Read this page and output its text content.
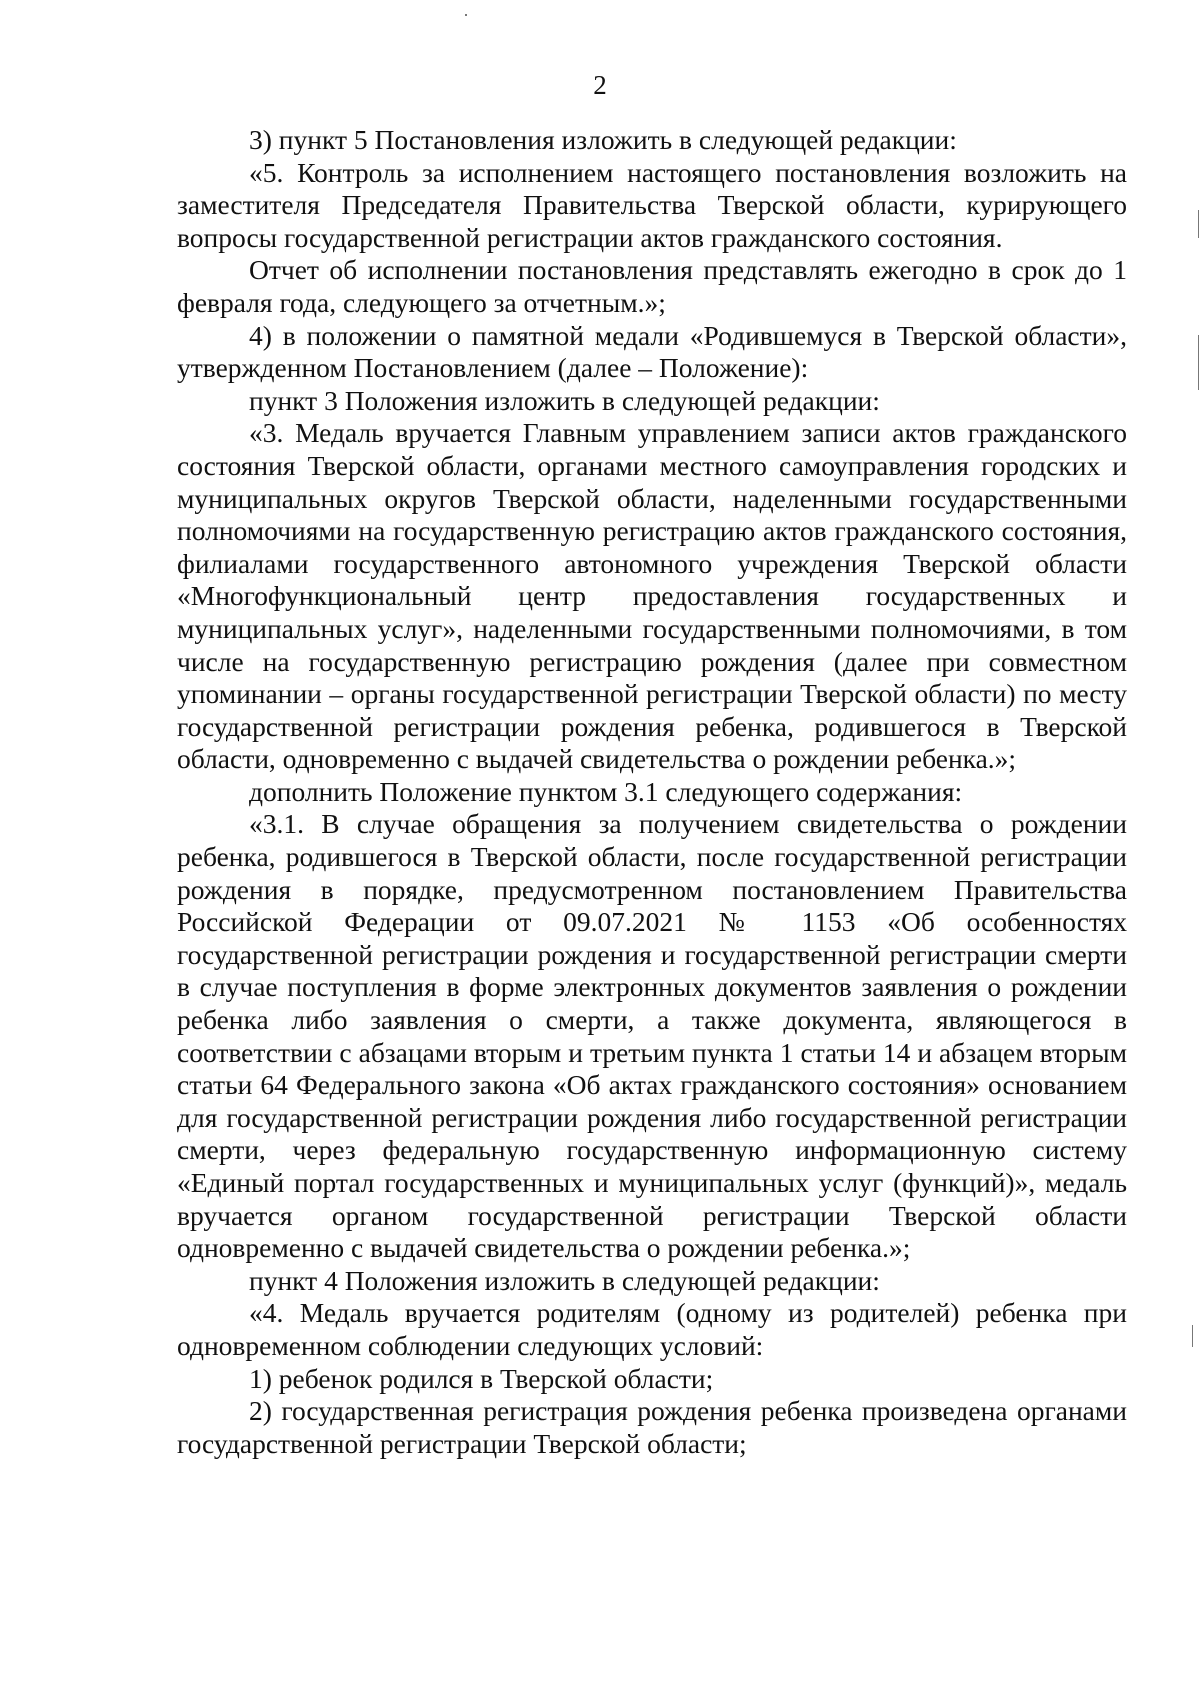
2

3) пункт 5 Постановления изложить в следующей редакции:

«5. Контроль за исполнением настоящего постановления возложить на заместителя Председателя Правительства Тверской области, курирующего вопросы государственной регистрации актов гражданского состояния.

Отчет об исполнении постановления представлять ежегодно в срок до 1 февраля года, следующего за отчетным.»;

4) в положении о памятной медали «Родившемуся в Тверской области», утвержденном Постановлением (далее – Положение):

пункт 3 Положения изложить в следующей редакции:

«3. Медаль вручается Главным управлением записи актов гражданского состояния Тверской области, органами местного самоуправления городских и муниципальных округов Тверской области, наделенными государственными полномочиями на государственную регистрацию актов гражданского состояния, филиалами государственного автономного учреждения Тверской области «Многофункциональный центр предоставления государственных и муниципальных услуг», наделенными государственными полномочиями, в том числе на государственную регистрацию рождения (далее при совместном упоминании – органы государственной регистрации Тверской области) по месту государственной регистрации рождения ребенка, родившегося в Тверской области, одновременно с выдачей свидетельства о рождении ребенка.»;

дополнить Положение пунктом 3.1 следующего содержания:

«3.1. В случае обращения за получением свидетельства о рождении ребенка, родившегося в Тверской области, после государственной регистрации рождения в порядке, предусмотренном постановлением Правительства Российской Федерации от 09.07.2021 № 1153 «Об особенностях государственной регистрации рождения и государственной регистрации смерти в случае поступления в форме электронных документов заявления о рождении ребенка либо заявления о смерти, а также документа, являющегося в соответствии с абзацами вторым и третьим пункта 1 статьи 14 и абзацем вторым статьи 64 Федерального закона «Об актах гражданского состояния» основанием для государственной регистрации рождения либо государственной регистрации смерти, через федеральную государственную информационную систему «Единый портал государственных и муниципальных услуг (функций)», медаль вручается органом государственной регистрации Тверской области одновременно с выдачей свидетельства о рождении ребенка.»;

пункт 4 Положения изложить в следующей редакции:

«4. Медаль вручается родителям (одному из родителей) ребенка при одновременном соблюдении следующих условий:

1) ребенок родился в Тверской области;

2) государственная регистрация рождения ребенка произведена органами государственной регистрации Тверской области;
